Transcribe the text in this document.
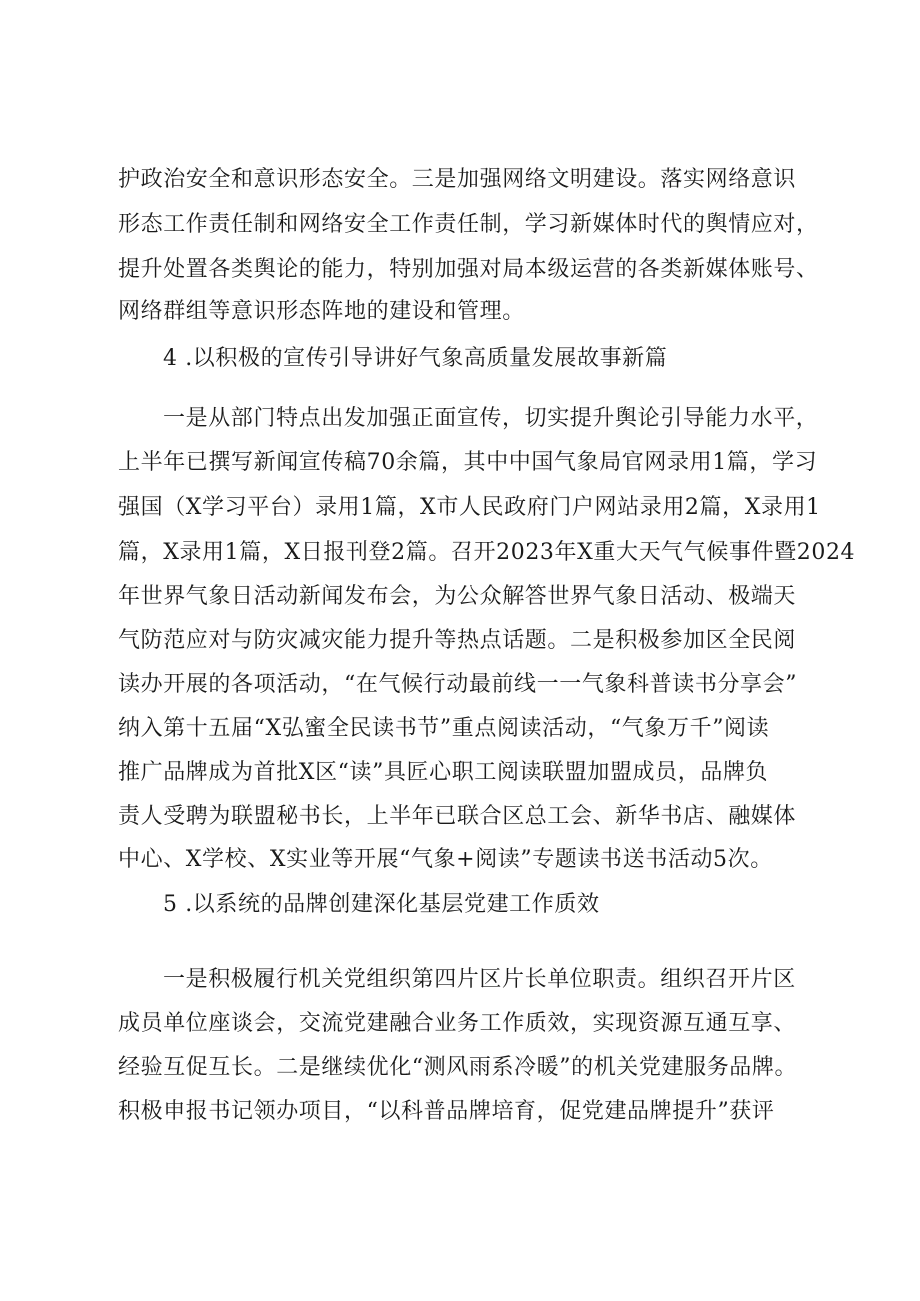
护政治安全和意识形态安全。三是加强网络文明建设。落实网络意识
形态工作责任制和网络安全工作责任制，学习新媒体时代的舆情应对，
提升处置各类舆论的能力，特别加强对局本级运营的各类新媒体账号、
网络群组等意识形态阵地的建设和管理。
4 .以积极的宣传引导讲好气象高质量发展故事新篇
一是从部门特点出发加强正面宣传，切实提升舆论引导能力水平，
上半年已撰写新闻宣传稿70余篇，其中中国气象局官网录用1篇，学习
强国（X学习平台）录用1篇，X市人民政府门户网站录用2篇，X录用1
篇，X录用1篇，X日报刊登2篇。召开2023年X重大天气气候事件暨2024
年世界气象日活动新闻发布会，为公众解答世界气象日活动、极端天
气防范应对与防灾减灾能力提升等热点话题。二是积极参加区全民阅
读办开展的各项活动，“在气候行动最前线一一气象科普读书分享会”
纳入第十五届“X弘蜜全民读书节”重点阅读活动，“气象万千”阅读
推广品牌成为首批X区“读”具匠心职工阅读联盟加盟成员，品牌负
责人受聘为联盟秘书长，上半年已联合区总工会、新华书店、融媒体
中心、X学校、X实业等开展“气象+阅读”专题读书送书活动5次。
5 .以系统的品牌创建深化基层党建工作质效
一是积极履行机关党组织第四片区片长单位职责。组织召开片区
成员单位座谈会，交流党建融合业务工作质效，实现资源互通互享、
经验互促互长。二是继续优化“测风雨系冷暖”的机关党建服务品牌。
积极申报书记领办项目，“以科普品牌培育，促党建品牌提升”获评
